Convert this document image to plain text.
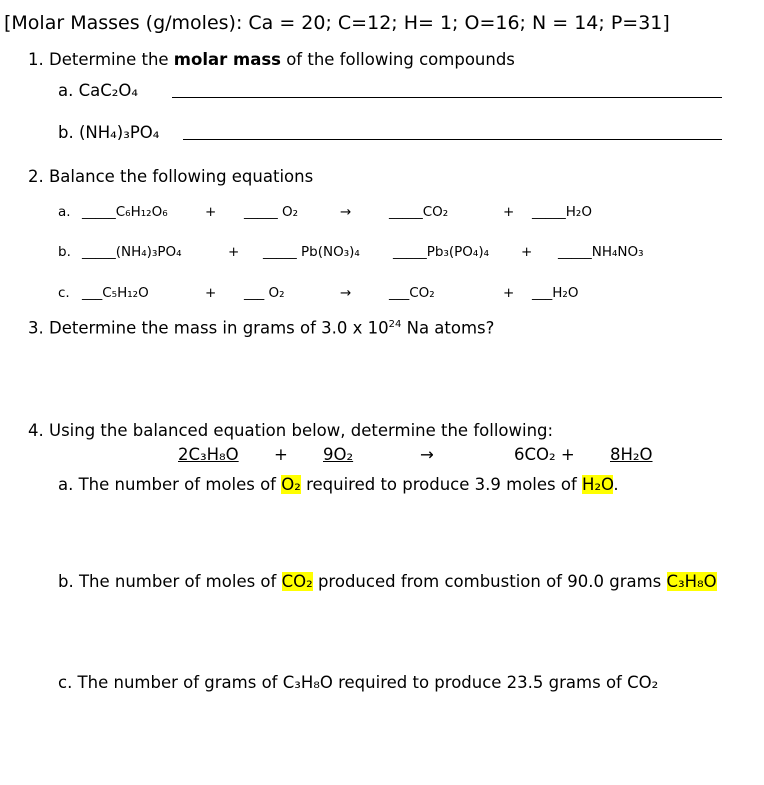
[Molar Masses (g/moles): Ca = 20; C=12; H= 1; O=16; N = 14; P=31]
1. Determine the molar mass of the following compounds
a. CaC₂O₄
b. (NH₄)₃PO₄
2. Balance the following equations
a. _____C₆H₁₂O₆	+ _____ O₂	→	_____CO₂	+ _____H₂O
b. _____(NH₄)₃PO₄	+ _____ Pb(NO₃)₄ _____Pb₃(PO₄)₄ + _____NH₄NO₃
c. ___C₅H₁₂O	+ ___ O₂	→	___CO₂	+ ___H₂O
3. Determine the mass in grams of 3.0 x $10^{24}$ Na atoms?
4. Using the balanced equation below, determine the following:
2C₃H₈O + 9O₂	→	6CO₂ + 8H₂O
a. The number of moles of O₂ required to produce 3.9 moles of H₂O.
b. The number of moles of CO₂ produced from combustion of 90.0 grams C₃H₈O
c. The number of grams of C₃H₈O required to produce 23.5 grams of CO₂
